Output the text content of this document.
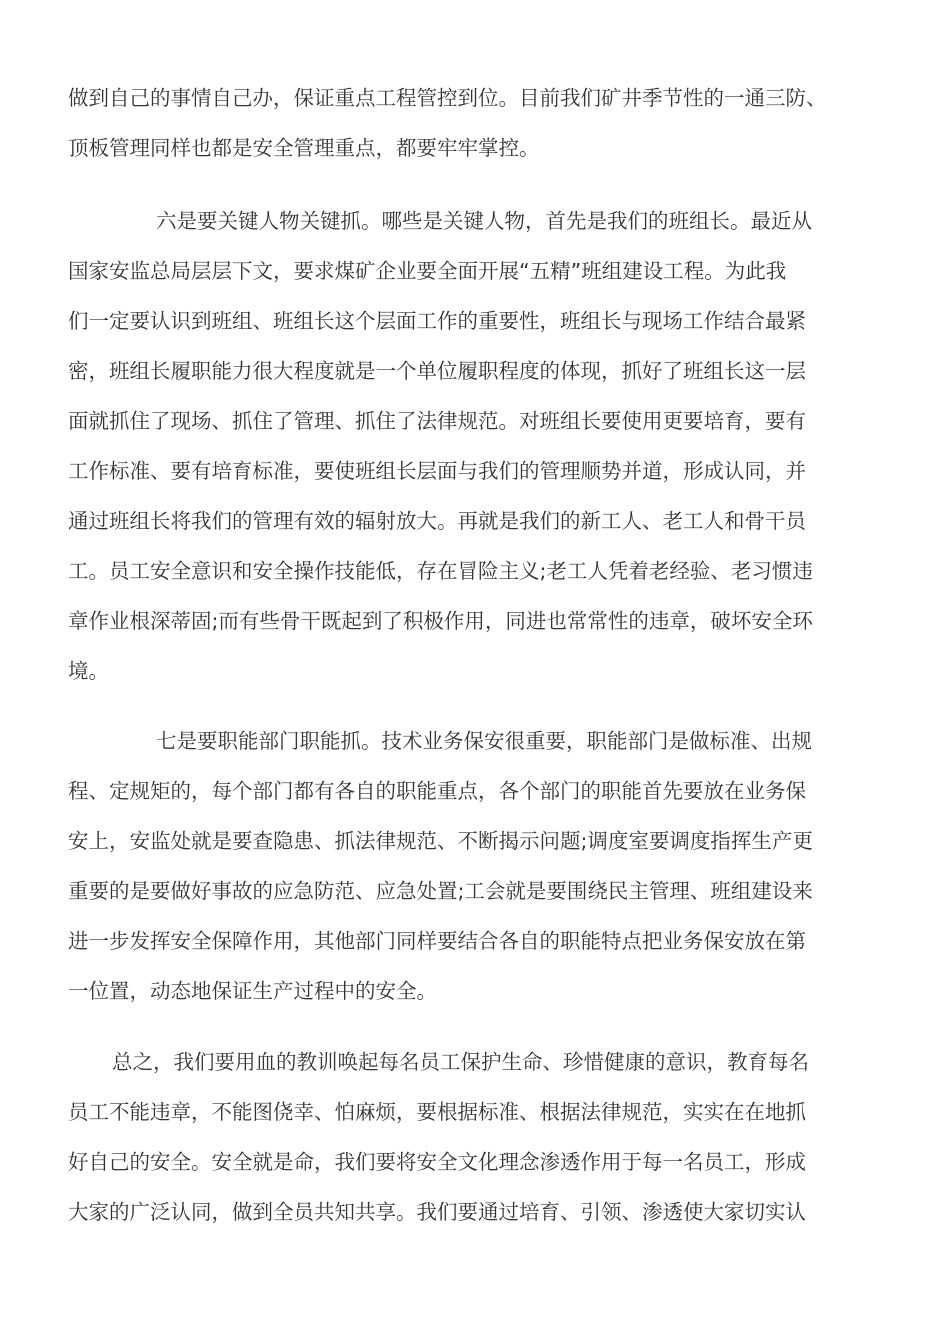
做到自己的事情自己办，保证重点工程管控到位。目前我们矿井季节性的一通三防、
顶板管理同样也都是安全管理重点，都要牢牢掌控。
六是要关键人物关键抓。哪些是关键人物，首先是我们的班组长。最近从
国家安监总局层层下文，要求煤矿企业要全面开展“五精”班组建设工程。为此我
们一定要认识到班组、班组长这个层面工作的重要性，班组长与现场工作结合最紧
密，班组长履职能力很大程度就是一个单位履职程度的体现，抓好了班组长这一层
面就抓住了现场、抓住了管理、抓住了法律规范。对班组长要使用更要培育，要有
工作标准、要有培育标准，要使班组长层面与我们的管理顺势并道，形成认同，并
通过班组长将我们的管理有效的辐射放大。再就是我们的新工人、老工人和骨干员
工。员工安全意识和安全操作技能低，存在冒险主义;老工人凭着老经验、老习惯违
章作业根深蒂固;而有些骨干既起到了积极作用，同进也常常性的违章，破坏安全环
境。
七是要职能部门职能抓。技术业务保安很重要，职能部门是做标准、出规
程、定规矩的，每个部门都有各自的职能重点，各个部门的职能首先要放在业务保
安上，安监处就是要查隐患、抓法律规范、不断揭示问题;调度室要调度指挥生产更
重要的是要做好事故的应急防范、应急处置;工会就是要围绕民主管理、班组建设来
进一步发挥安全保障作用，其他部门同样要结合各自的职能特点把业务保安放在第
一位置，动态地保证生产过程中的安全。
总之，我们要用血的教训唤起每名员工保护生命、珍惜健康的意识，教育每名
员工不能违章，不能图侥幸、怕麻烦，要根据标准、根据法律规范，实实在在地抓
好自己的安全。安全就是命，我们要将安全文化理念渗透作用于每一名员工，形成
大家的广泛认同，做到全员共知共享。我们要通过培育、引领、渗透使大家切实认
